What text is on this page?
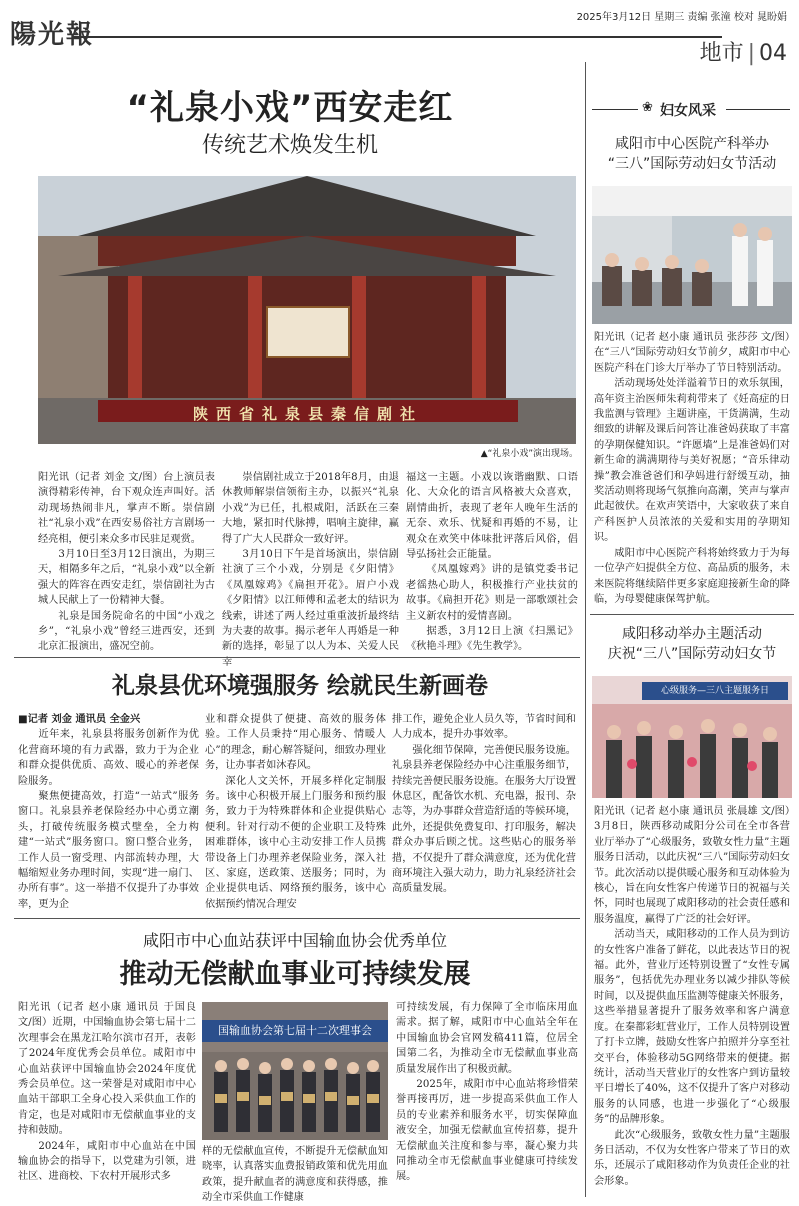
陽光報
2025年3月12日 星期三 责编 张潼 校对 晁盼娟
地市 | 04
“礼泉小戏”西安走红
传统艺术焕发生机
陕西省礼泉县秦信剧社
▲“礼泉小戏”演出现场。

阳光讯（记者 刘金 文/图）台上演员表演得精彩传神，台下观众连声叫好。活动现场热闹非凡，掌声不断。崇信剧社“礼泉小戏”在西安易俗社方言剧场一经亮相，便引来众多市民驻足观赏。

3月10日至3月12日演出，为期三天，相隔多年之后，“礼泉小戏”以全新强大的阵容在西安走红，崇信剧社为古城人民献上了一份精神大餐。

礼泉是国务院命名的中国“小戏之乡”，“礼泉小戏”曾经三进西安，还到北京汇报演出，盛况空前。

崇信剧社成立于2018年8月，由退休教师解崇信领衔主办，以振兴“礼泉小戏”为已任，扎根咸阳，活跃在三秦大地，紧扣时代脉搏，唱响主旋律，赢得了广大人民群众一致好评。

3月10日下午是首场演出，崇信剧社演了三个小戏，分别是《夕阳情》《凤凰嫁鸡》《扁担开花》。眉户小戏《夕阳情》以江师傅和孟老太的结识为线索，讲述了两人经过重重波折最终结为夫妻的故事。揭示老年人再婚是一种新的选择，彰显了以人为本、关爱人民幸

福这一主题。小戏以诙谐幽默、口语化、大众化的语言风格被大众喜欢，剧情曲折，表现了老年人晚年生活的无奈、欢乐、忧疑和再婚的不易，让观众在欢笑中体味批评落后风俗，倡导弘扬社会正能量。

《凤凰嫁鸡》讲的是镇党委书记老徭热心助人，积极推行产业扶贫的故事。《扁担开花》则是一部歌颂社会主义新农村的爱情喜剧。

据悉，3月12日上演《扫黑记》《秋艳斗理》《先生教学》。

礼泉县优环境强服务 绘就民生新画卷

■记者 刘金 通讯员 全金兴

近年来，礼泉县将服务创新作为优化营商环境的有力武器，致力于为企业和群众提供优质、高效、暖心的养老保险服务。

聚焦便捷高效，打造“一站式”服务窗口。礼泉县养老保险经办中心勇立潮头，打破传统服务模式壁垒，全力构建“一站式”服务窗口。窗口整合业务，工作人员一窗受理、内部流转办理，大幅缩短业务办理时间，实现“进一扇门、办所有事”。这一举措不仅提升了办事效率，更为企

业和群众提供了便捷、高效的服务体验。工作人员秉持“用心服务、情暖人心”的理念，耐心解答疑问，细致办理业务，让办事者如沐春风。

深化人文关怀，开展多样化定制服务。该中心积极开展上门服务和预约服务，致力于为特殊群体和企业提供贴心便利。针对行动不便的企业职工及特殊困难群体，该中心主动安排工作人员携带设备上门办理养老保险业务，深入社区、家庭，送政策、送服务；同时，为企业提供电话、网络预约服务，该中心依据预约情况合理安

排工作，避免企业人员久等，节省时间和人力成本，提升办事效率。

强化细节保障，完善便民服务设施。礼泉县养老保险经办中心注重服务细节，持续完善便民服务设施。在服务大厅设置休息区，配备饮水机、充电器，报刊、杂志等，为办事群众营造舒适的等候环境，此外，还提供免费复印、打印服务，解决群众办事后顾之忧。这些贴心的服务举措，不仅提升了群众满意度，还为优化营商环境注入强大动力，助力礼泉经济社会高质量发展。

咸阳市中心血站获评中国输血协会优秀单位
推动无偿献血事业可持续发展

阳光讯（记者 赵小康 通讯员 于国良 文/图）近期，中国输血协会第七届十二次理事会在黑龙江哈尔滨市召开，表彰了2024年度优秀会员单位。咸阳市中心血站获评中国输血协会2024年度优秀会员单位。这一荣誉是对咸阳市中心血站干部职工全身心投入采供血工作的肯定，也是对咸阳市无偿献血事业的支持和鼓励。

2024年，咸阳市中心血站在中国输血协会的指导下，以党建为引领，进社区、进商校、下农村开展形式多

国输血协会第七届十二次理事会

样的无偿献血宣传，不断提升无偿献血知晓率，认真落实血费报销政策和优先用血政策，提升献血者的满意度和获得感，推动全市采供血工作健康

可持续发展，有力保障了全市临床用血需求。据了解，咸阳市中心血站全年在中国输血协会官网发稿411篇，位居全国第二名，为推动全市无偿献血事业高质量发展作出了积极贡献。

2025年，咸阳市中心血站将珍惜荣誉再接再厉，进一步提高采供血工作人员的专业素养和服务水平，切实保障血液安全，加强无偿献血宣传招募，提升无偿献血关注度和参与率，凝心聚力共同推动全市无偿献血事业健康可持续发展。

❀ 妇女风采
咸阳市中心医院产科举办
“三八”国际劳动妇女节活动

阳光讯（记者 赵小康 通讯员 张莎莎 文/图）在“三八”国际劳动妇女节前夕，咸阳市中心医院产科在门诊大厅举办了节日特别活动。

活动现场处处洋溢着节日的欢乐氛围，高年资主治医师朱莉莉带来了《妊高症的日我监测与管理》主题讲座，干货满满，生动细致的讲解及课后问答让准爸妈获取了丰富的孕期保健知识。“许愿墙”上是准爸妈们对新生命的满满期待与美好祝愿；“音乐律动操”教会准爸爸们和孕妈进行舒缓互动，抽奖活动则将现场气氛推向高潮，笑声与掌声此起彼伏。在欢声笑语中，大家收获了来自产科医护人员浓浓的关爱和实用的孕期知识。

咸阳市中心医院产科将始终致力于为每一位孕产妇提供全方位、高品质的服务，未来医院将继续陪伴更多家庭迎接新生命的降临，为母婴健康保驾护航。

咸阳移动举办主题活动
庆祝“三八”国际劳动妇女节
心级服务—三八主题服务日

阳光讯（记者 赵小康 通讯员 张晨雄 文/图）3月8日，陕西移动咸阳分公司在全市各营业厅举办了“心级服务，致敬女性力量”主题服务日活动，以此庆祝“三八”国际劳动妇女节。此次活动以提供暖心服务和互动体验为核心，旨在向女性客户传递节日的祝福与关怀，同时也展现了咸阳移动的社会责任感和服务温度，赢得了广泛的社会好评。

活动当天，咸阳移动的工作人员为到访的女性客户准备了鲜花，以此表达节日的祝福。此外，营业厅还特别设置了“女性专属服务”，包括优先办理业务以减少排队等候时间，以及提供血压监测等健康关怀服务，这些举措显著提升了服务效率和客户满意度。在秦都彩虹营业厅，工作人员特别设置了打卡立牌，鼓励女性客户拍照并分享至社交平台，体验移动5G网络带来的便捷。据统计，活动当天营业厅的女性客户到访量较平日增长了40%，这不仅提升了客户对移动服务的认同感，也进一步强化了“心级服务”的品牌形象。

此次“心级服务，致敬女性力量”主题服务日活动，不仅为女性客户带来了节日的欢乐，还展示了咸阳移动作为负责任企业的社会形象。
